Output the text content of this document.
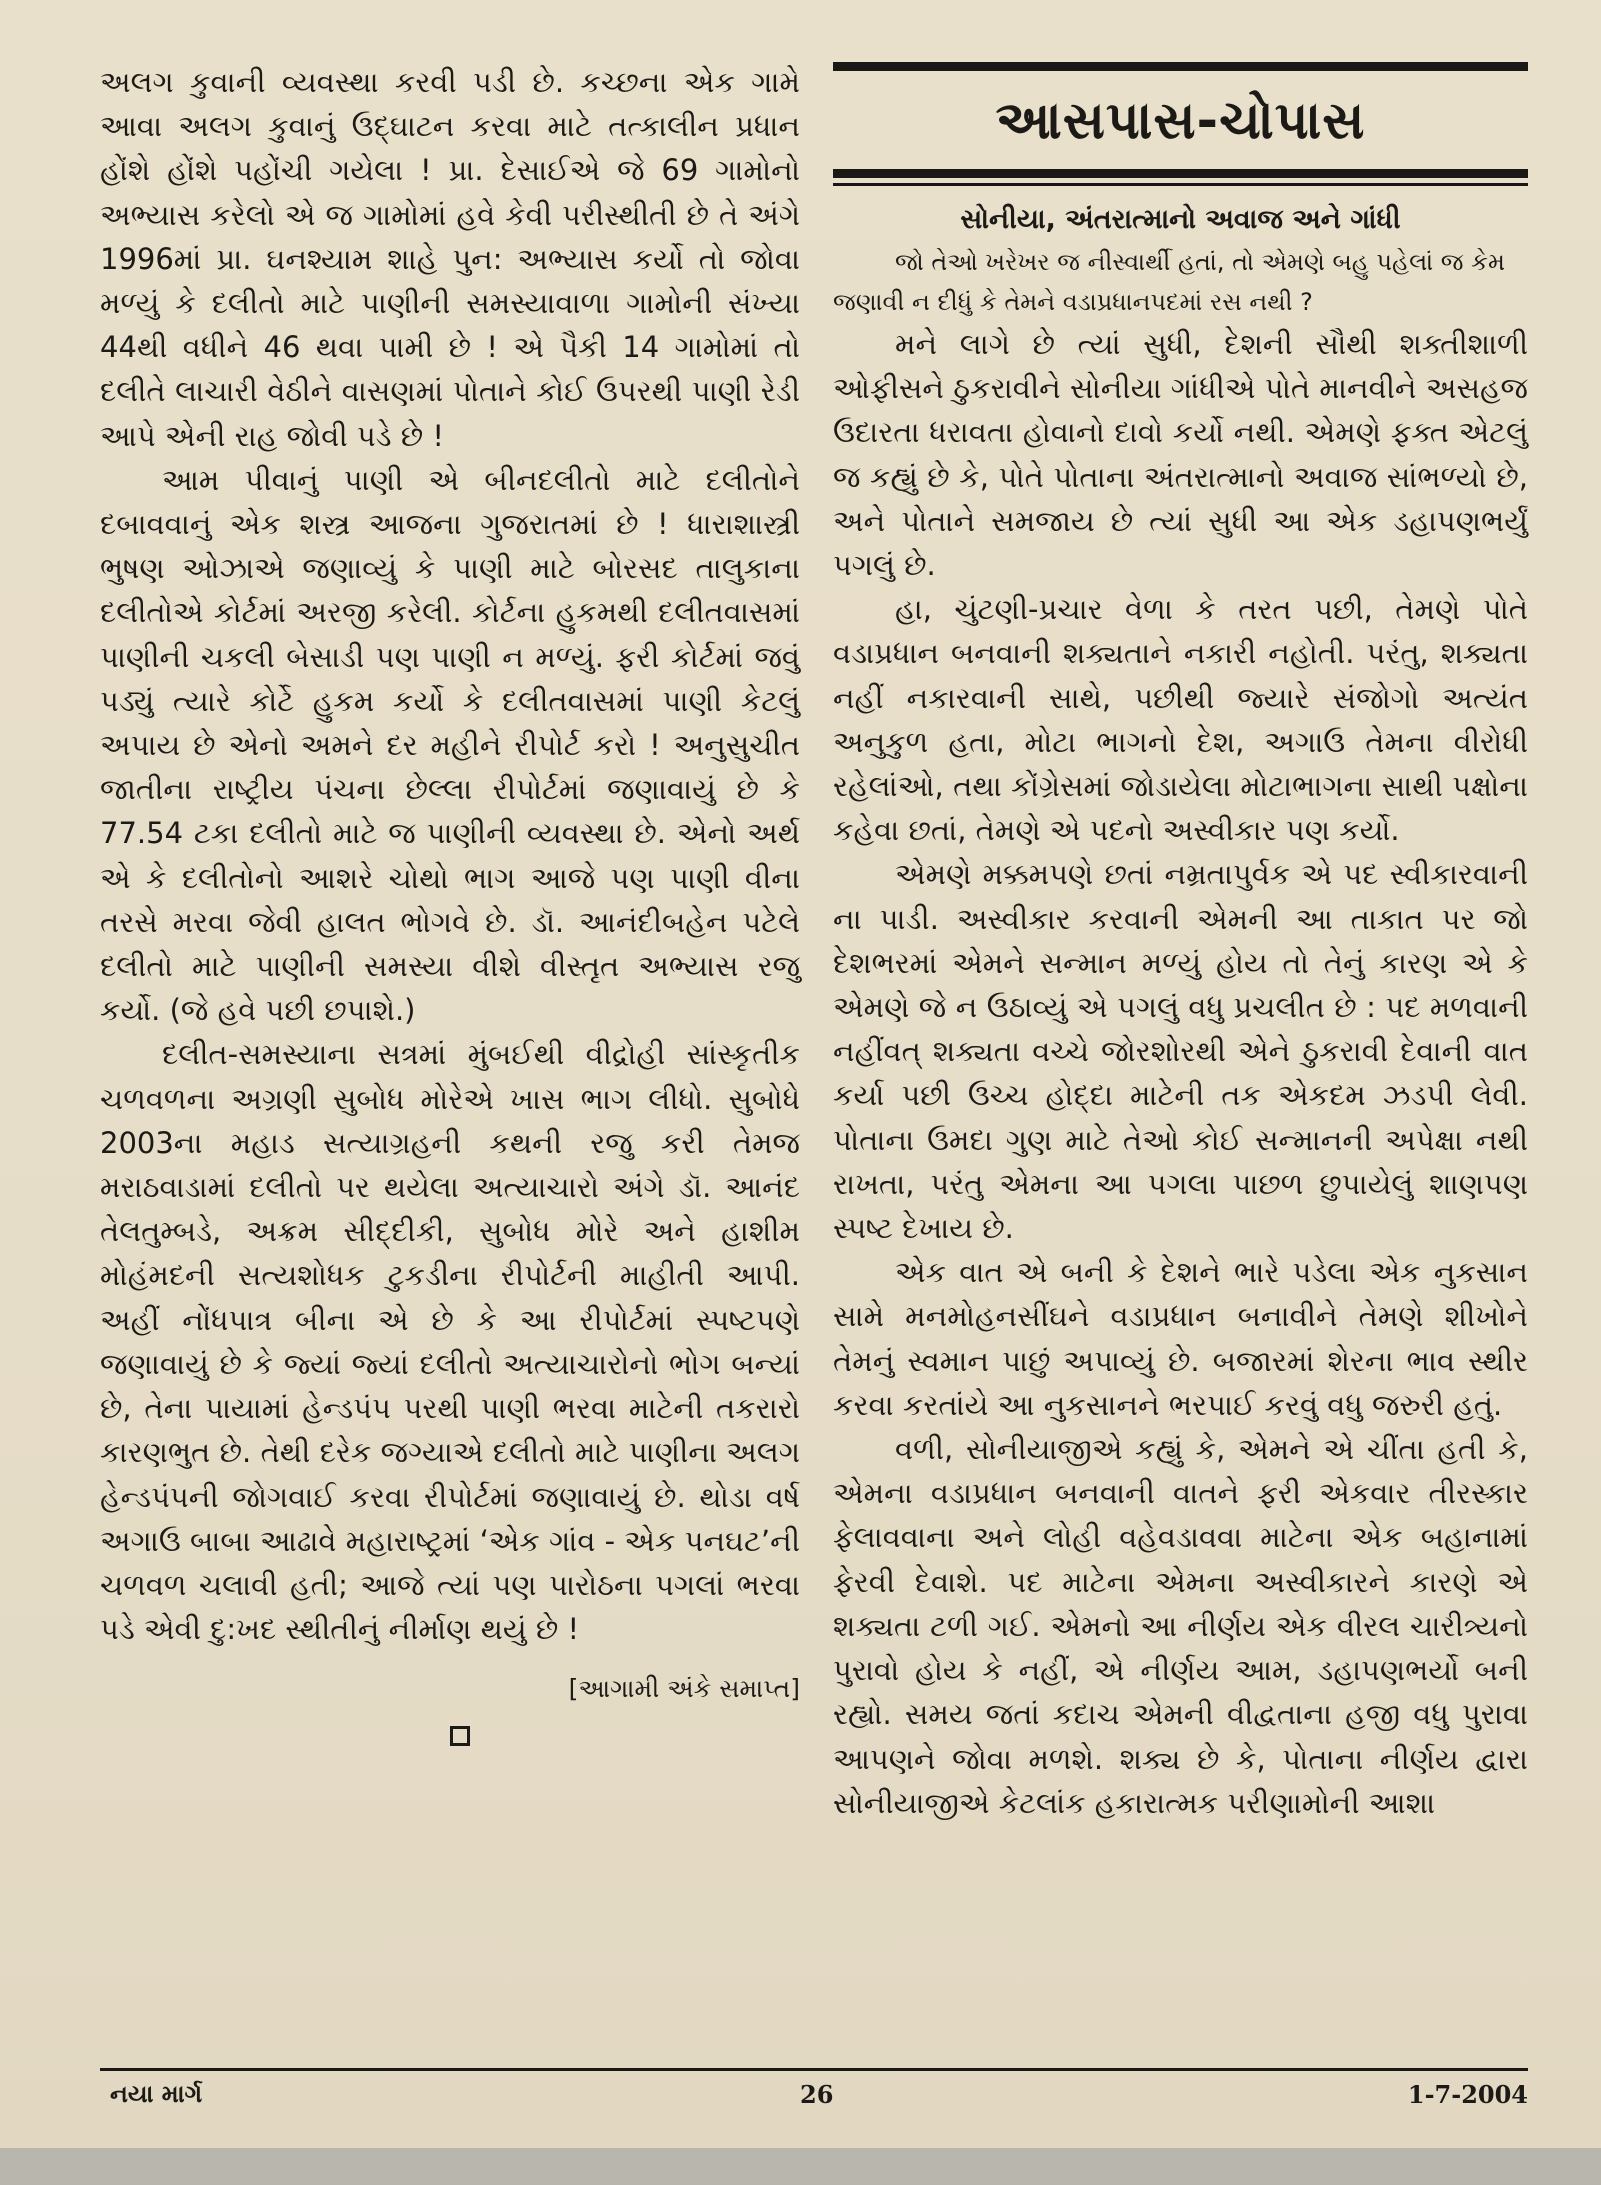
અલગ કુવાની વ્યવસ્થા કરવી પડી છે. કચ્છના એક ગામે આવા અલગ કુવાનું ઉદ્‌ઘાટન કરવા માટે તત્કાલીન પ્રધાન હોંશે હોંશે પહોંચી ગયેલા ! પ્રા. દેસાઈએ જે 69 ગામોનો અભ્યાસ કરેલો એ જ ગામોમાં હવે કેવી પરીસ્થીતી છે તે અંગે 1996માં પ્રા. ઘનશ્યામ શાહે પુન: અભ્યાસ કર્યો તો જોવા મળ્યું કે દલીતો માટે પાણીની સમસ્યાવાળા ગામોની સંખ્યા 44થી વધીને 46 થવા પામી છે ! એ પૈકી 14 ગામોમાં તો દલીતે લાચારી વેઠીને વાસણમાં પોતાને કોઈ ઉપરથી પાણી રેડી આપે એની રાહ જોવી પડે છે !

આમ પીવાનું પાણી એ બીનદલીતો માટે દલીતોને દબાવવાનું એક શસ્ત્ર આજના ગુજરાતમાં છે ! ધારાશાસ્ત્રી ભુષણ ઓઝાએ જણાવ્યું કે પાણી માટે બોરસદ તાલુકાના દલીતોએ કોર્ટમાં અરજી કરેલી. કોર્ટના હુકમથી દલીતવાસમાં પાણીની ચકલી બેસાડી પણ પાણી ન મળ્યું. ફરી કોર્ટમાં જવું પડ્યું ત્યારે કોર્ટે હુકમ કર્યો કે દલીતવાસમાં પાણી કેટલું અપાય છે એનો અમને દર મહીને રીપોર્ટ કરો ! અનુસુચીત જાતીના રાષ્ટ્રીય પંચના છેલ્લા રીપોર્ટમાં જણાવાયું છે કે 77.54 ટકા દલીતો માટે જ પાણીની વ્યવસ્થા છે. એનો અર્થ એ કે દલીતોનો આશરે ચોથો ભાગ આજે પણ પાણી વીના તરસે મરવા જેવી હાલત ભોગવે છે. ડૉ. આનંદીબહેન પટેલે દલીતો માટે પાણીની સમસ્યા વીશે વીસ્તૃત અભ્યાસ રજુ કર્યો. (જે હવે પછી છપાશે.)

દલીત-સમસ્યાના સત્રમાં મુંબઈથી વીદ્રોહી સાંસ્કૃતીક ચળવળના અગ્રણી સુબોધ મોરેએ ખાસ ભાગ લીધો. સુબોધે 2003ના મહાડ સત્યાગ્રહની કથની રજુ કરી તેમજ મરાઠવાડામાં દલીતો પર થયેલા અત્યાચારો અંગે ડૉ. આનંદ તેલતુમ્બડે, અક્રમ સીદ્દીકી, સુબોધ મોરે અને હાશીમ મોહંમદની સત્યશોધક ટુકડીના રીપોર્ટની માહીતી આપી. અહીં નોંધપાત્ર બીના એ છે કે આ રીપોર્ટમાં સ્પષ્ટપણે જણાવાયું છે કે જ્યાં જ્યાં દલીતો અત્યાચારોનો ભોગ બન્યાં છે, તેના પાયામાં હેન્ડપંપ પરથી પાણી ભરવા માટેની તકરારો કારણભુત છે. તેથી દરેક જગ્યાએ દલીતો માટે પાણીના અલગ હેન્ડપંપની જોગવાઈ કરવા રીપોર્ટમાં જણાવાયું છે. થોડા વર્ષ અગાઉ બાબા આઢાવે મહારાષ્ટ્રમાં ‘એક ગાંવ - એક પનઘટ’ની ચળવળ ચલાવી હતી; આજે ત્યાં પણ પારોઠના પગલાં ભરવા પડે એવી દુ:ખદ સ્થીતીનું નીર્માણ થયું છે !

[આગામી અંકે સમાપ્ત]
આસપાસ-ચોપાસ
સોનીયા, અંતરાત્માનો અવાજ અને ગાંધી

જો તેઓ ખરેખર જ નીસ્વાર્થી હતાં, તો એમણે બહુ પહેલાં જ કેમ જણાવી ન દીધું કે તેમને વડાપ્રધાનપદમાં રસ નથી ?

મને લાગે છે ત્યાં સુધી, દેશની સૌથી શક્તીશાળી ઓફીસને ઠુકરાવીને સોનીયા ગાંધીએ પોતે માનવીને અસહજ ઉદારતા ધરાવતા હોવાનો દાવો કર્યો નથી. એમણે ફક્ત એટલું જ કહ્યું છે કે, પોતે પોતાના અંતરાત્માનો અવાજ સાંભળ્યો છે, અને પોતાને સમજાય છે ત્યાં સુધી આ એક ડહાપણભર્યું પગલું છે.

હા, ચુંટણી-પ્રચાર વેળા કે તરત પછી, તેમણે પોતે વડાપ્રધાન બનવાની શક્યતાને નકારી નહોતી. પરંતુ, શક્યતા નહીં નકારવાની સાથે, પછીથી જ્યારે સંજોગો અત્યંત અનુકુળ હતા, મોટા ભાગનો દેશ, અગાઉ તેમના વીરોધી રહેલાંઓ, તથા કોંગ્રેસમાં જોડાયેલા મોટાભાગના સાથી પક્ષોના કહેવા છતાં, તેમણે એ પદનો અસ્વીકાર પણ કર્યો.

એમણે મક્કમપણે છતાં નમ્રતાપુર્વક એ પદ સ્વીકારવાની ના પાડી. અસ્વીકાર કરવાની એમની આ તાકાત પર જો દેશભરમાં એમને સન્માન મળ્યું હોય તો તેનું કારણ એ કે એમણે જે ન ઉઠાવ્યું એ પગલું વધુ પ્રચલીત છે : પદ મળવાની નહીંવત્ શક્યતા વચ્ચે જોરશોરથી એને ઠુકરાવી દેવાની વાત કર્યા પછી ઉચ્ચ હોદ્દા માટેની તક એકદમ ઝડપી લેવી. પોતાના ઉમદા ગુણ માટે તેઓ કોઈ સન્માનની અપેક્ષા નથી રાખતા, પરંતુ એમના આ પગલા પાછળ છુપાયેલું શાણપણ સ્પષ્ટ દેખાય છે.

એક વાત એ બની કે દેશને ભારે પડેલા એક નુકસાન સામે મનમોહનસીંઘને વડાપ્રધાન બનાવીને તેમણે શીખોને તેમનું સ્વમાન પાછું અપાવ્યું છે. બજારમાં શેરના ભાવ સ્થીર કરવા કરતાંયે આ નુકસાનને ભરપાઈ કરવું વધુ જરુરી હતું.

વળી, સોનીયાજીએ કહ્યું કે, એમને એ ચીંતા હતી કે, એમના વડાપ્રધાન બનવાની વાતને ફરી એકવાર તીરસ્કાર ફેલાવવાના અને લોહી વહેવડાવવા માટેના એક બહાનામાં ફેરવી દેવાશે. પદ માટેના એમના અસ્વીકારને કારણે એ શક્યતા ટળી ગઈ. એમનો આ નીર્ણય એક વીરલ ચારીત્ર્યનો પુરાવો હોય કે નહીં, એ નીર્ણય આમ, ડહાપણભર્યો બની રહ્યો. સમય જતાં કદાચ એમની વીદ્વતાના હજી વધુ પુરાવા આપણને જોવા મળશે. શક્ય છે કે, પોતાના નીર્ણય દ્વારા સોનીયાજીએ કેટલાંક હકારાત્મક પરીણામોની આશા

નયા માર્ગ	26	1-7-2004
